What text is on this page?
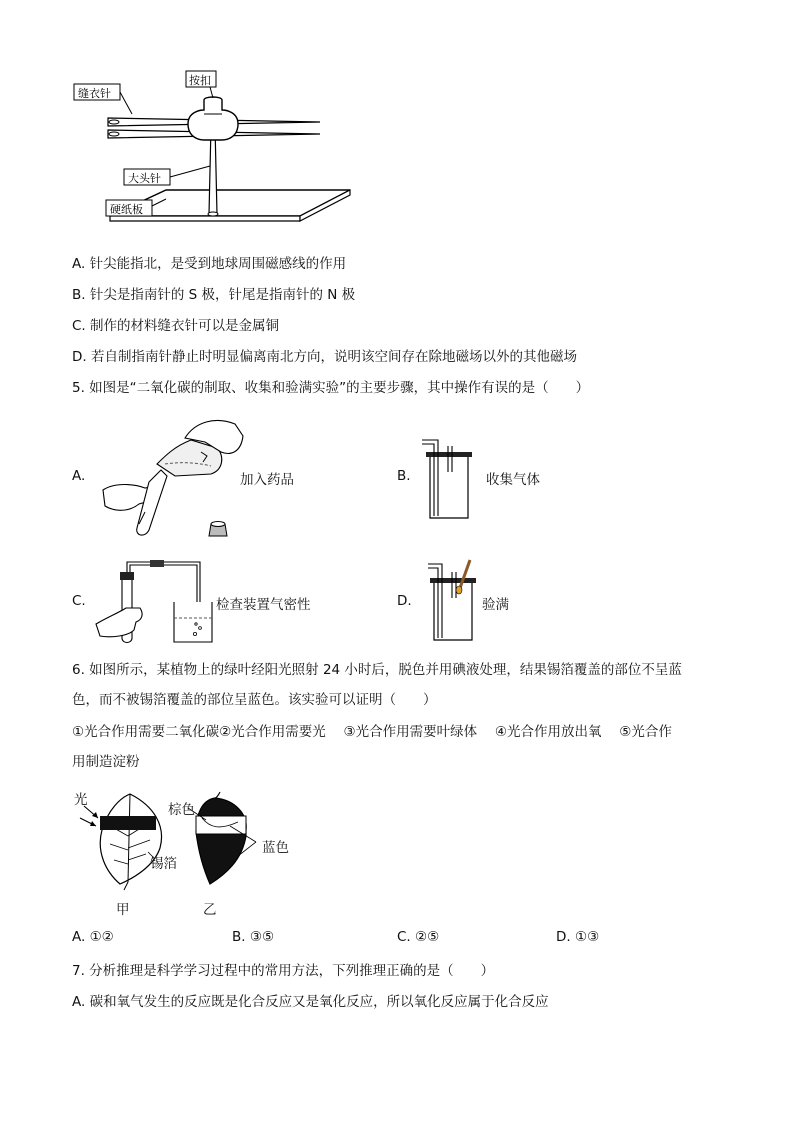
缝衣针
按扣
大头针
硬纸板
A. 针尖能指北，是受到地球周围磁感线的作用
B. 针尖是指南针的 S 极，针尾是指南针的 N 极
C. 制作的材料缝衣针可以是金属铜
D. 若自制指南针静止时明显偏离南北方向，说明该空间存在除地磁场以外的其他磁场
5. 如图是“二氧化碳的制取、收集和验满实验”的主要步骤，其中操作有误的是（　　）
A.	加入药品	B.	收集气体
C.	检查装置气密性	D.	验满
6. 如图所示，某植物上的绿叶经阳光照射 24 小时后，脱色并用碘液处理，结果锡箔覆盖的部位不呈蓝
色，而不被锡箔覆盖的部位呈蓝色。该实验可以证明（　　）
①光合作用需要二氧化碳②光合作用需要光　 ③光合作用需要叶绿体　 ④光合作用放出氧　 ⑤光合作
用制造淀粉
光
锡箔
棕色
蓝色
甲	乙
A. ①②	B. ③⑤	C. ②⑤	D. ①③
7. 分析推理是科学学习过程中的常用方法，下列推理正确的是（　　）
A. 碳和氧气发生的反应既是化合反应又是氧化反应，所以氧化反应属于化合反应
